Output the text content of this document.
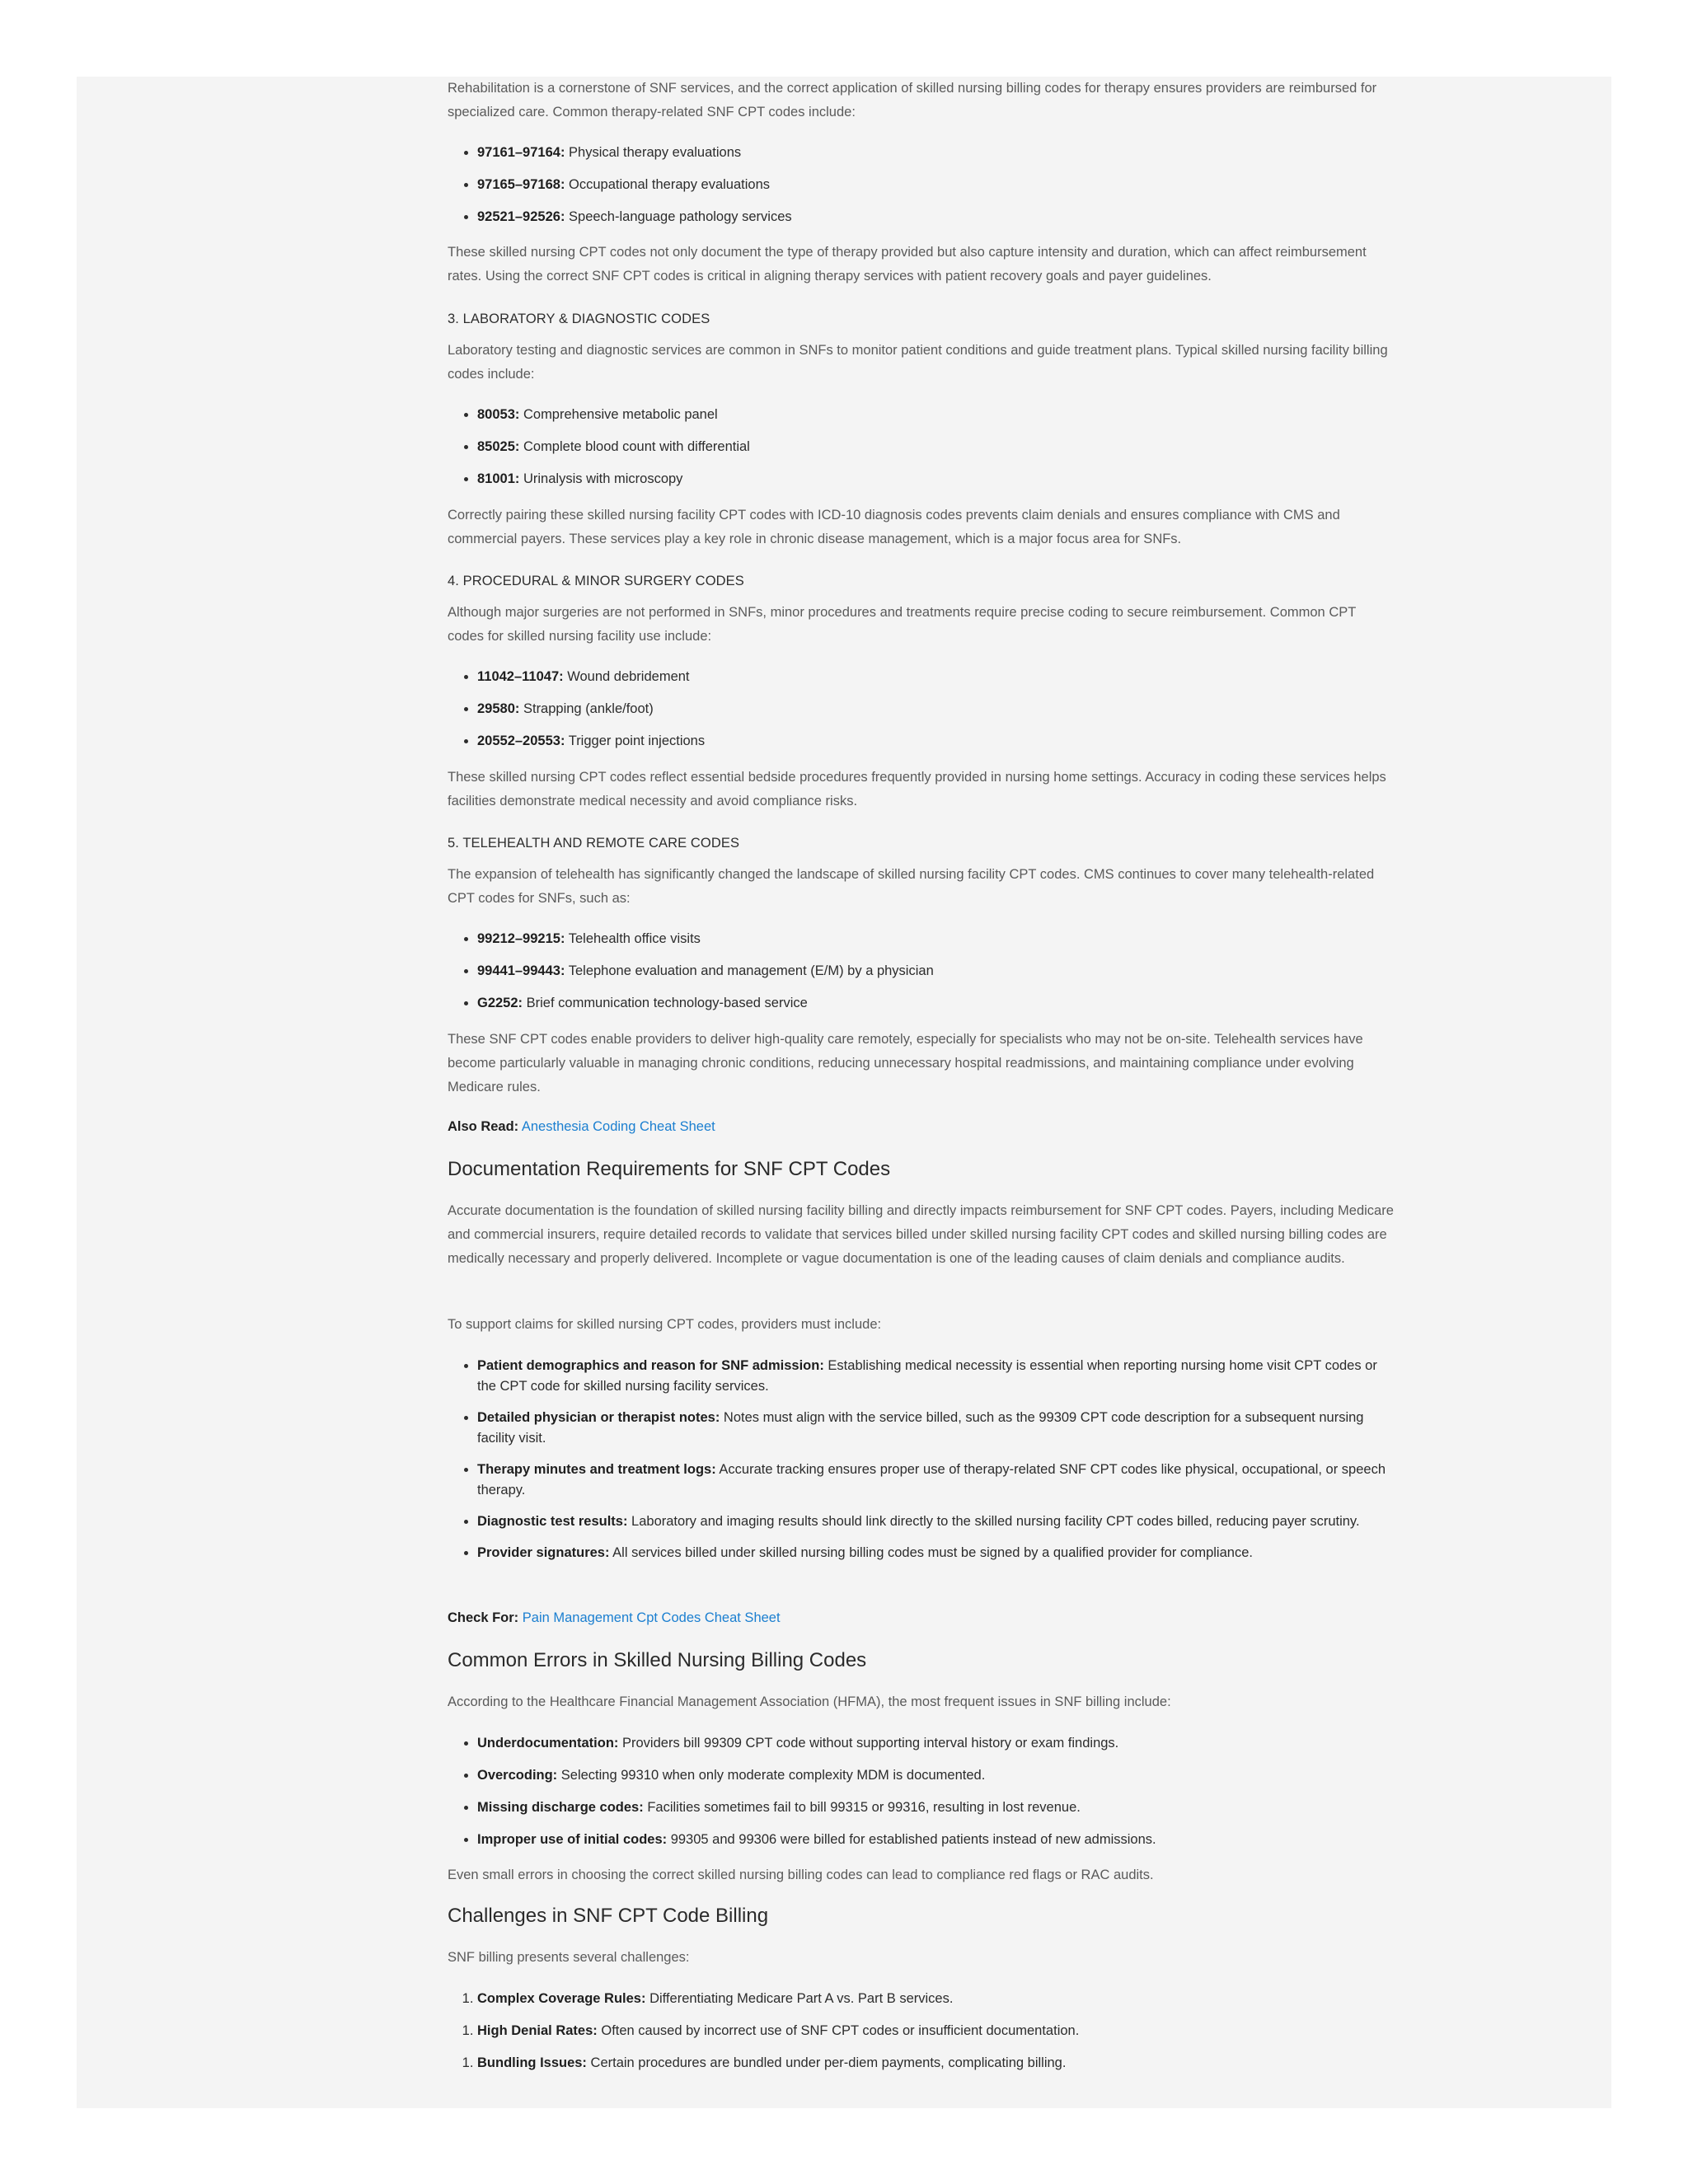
Rehabilitation is a cornerstone of SNF services, and the correct application of skilled nursing billing codes for therapy ensures providers are reimbursed for specialized care. Common therapy-related SNF CPT codes include:

• 97161–97164: Physical therapy evaluations
• 97165–97168: Occupational therapy evaluations
• 92521–92526: Speech-language pathology services

These skilled nursing CPT codes not only document the type of therapy provided but also capture intensity and duration, which can affect reimbursement rates. Using the correct SNF CPT codes is critical in aligning therapy services with patient recovery goals and payer guidelines.

3. LABORATORY & DIAGNOSTIC CODES

Laboratory testing and diagnostic services are common in SNFs to monitor patient conditions and guide treatment plans. Typical skilled nursing facility billing codes include:

• 80053: Comprehensive metabolic panel
• 85025: Complete blood count with differential
• 81001: Urinalysis with microscopy

Correctly pairing these skilled nursing facility CPT codes with ICD-10 diagnosis codes prevents claim denials and ensures compliance with CMS and commercial payers. These services play a key role in chronic disease management, which is a major focus area for SNFs.

4. PROCEDURAL & MINOR SURGERY CODES

Although major surgeries are not performed in SNFs, minor procedures and treatments require precise coding to secure reimbursement. Common CPT codes for skilled nursing facility use include:

• 11042–11047: Wound debridement
• 29580: Strapping (ankle/foot)
• 20552–20553: Trigger point injections

These skilled nursing CPT codes reflect essential bedside procedures frequently provided in nursing home settings. Accuracy in coding these services helps facilities demonstrate medical necessity and avoid compliance risks.

5. TELEHEALTH AND REMOTE CARE CODES

The expansion of telehealth has significantly changed the landscape of skilled nursing facility CPT codes. CMS continues to cover many telehealth-related CPT codes for SNFs, such as:

• 99212–99215: Telehealth office visits
• 99441–99443: Telephone evaluation and management (E/M) by a physician
• G2252: Brief communication technology-based service

These SNF CPT codes enable providers to deliver high-quality care remotely, especially for specialists who may not be on-site. Telehealth services have become particularly valuable in managing chronic conditions, reducing unnecessary hospital readmissions, and maintaining compliance under evolving Medicare rules.

Also Read: Anesthesia Coding Cheat Sheet
Documentation Requirements for SNF CPT Codes

Accurate documentation is the foundation of skilled nursing facility billing and directly impacts reimbursement for SNF CPT codes. Payers, including Medicare and commercial insurers, require detailed records to validate that services billed under skilled nursing facility CPT codes and skilled nursing billing codes are medically necessary and properly delivered. Incomplete or vague documentation is one of the leading causes of claim denials and compliance audits.

To support claims for skilled nursing CPT codes, providers must include:

• Patient demographics and reason for SNF admission: Establishing medical necessity is essential when reporting nursing home visit CPT codes or the CPT code for skilled nursing facility services.
• Detailed physician or therapist notes: Notes must align with the service billed, such as the 99309 CPT code description for a subsequent nursing facility visit.
• Therapy minutes and treatment logs: Accurate tracking ensures proper use of therapy-related SNF CPT codes like physical, occupational, or speech therapy.
• Diagnostic test results: Laboratory and imaging results should link directly to the skilled nursing facility CPT codes billed, reducing payer scrutiny.
• Provider signatures: All services billed under skilled nursing billing codes must be signed by a qualified provider for compliance.
Check For: Pain Management Cpt Codes Cheat Sheet
Common Errors in Skilled Nursing Billing Codes

According to the Healthcare Financial Management Association (HFMA), the most frequent issues in SNF billing include:

• Underdocumentation: Providers bill 99309 CPT code without supporting interval history or exam findings.
• Overcoding: Selecting 99310 when only moderate complexity MDM is documented.
• Missing discharge codes: Facilities sometimes fail to bill 99315 or 99316, resulting in lost revenue.
• Improper use of initial codes: 99305 and 99306 were billed for established patients instead of new admissions.

Even small errors in choosing the correct skilled nursing billing codes can lead to compliance red flags or RAC audits.

Challenges in SNF CPT Code Billing

SNF billing presents several challenges:

1. Complex Coverage Rules: Differentiating Medicare Part A vs. Part B services.
1. High Denial Rates: Often caused by incorrect use of SNF CPT codes or insufficient documentation.
1. Bundling Issues: Certain procedures are bundled under per-diem payments, complicating billing.
